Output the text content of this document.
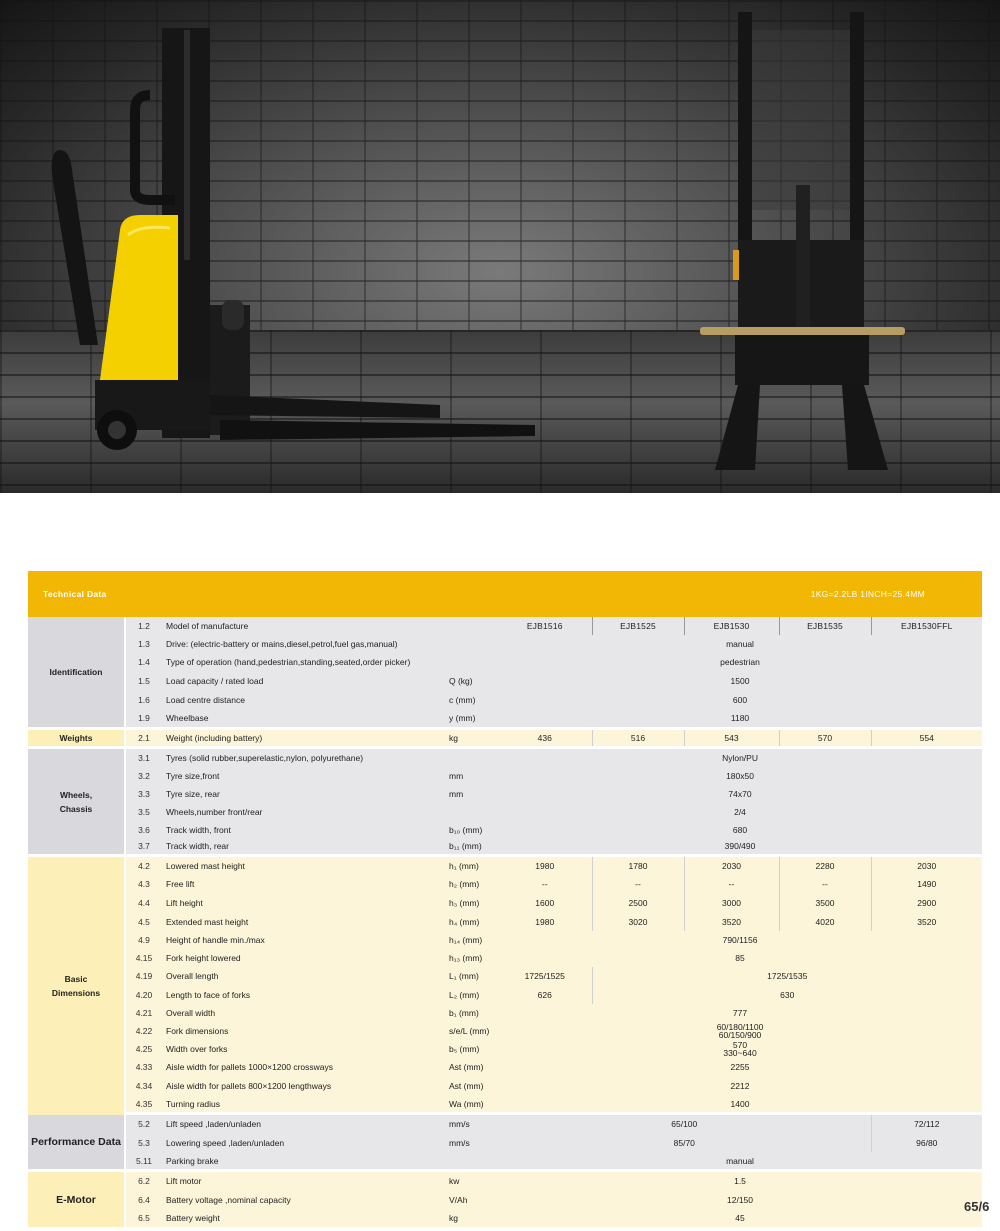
Technical Data				1KG=2.2LB 1INCH=25.4MM				
Identification	1.2	Model of manufacture		EJB1516	EJB1525	EJB1530	EJB1535	EJB1530FFL
	1.3	Drive: (electric-battery or mains,diesel,petrol,fuel gas,manual)		manual				
	1.4	Type of operation (hand,pedestrian,standing,seated,order picker)		pedestrian				
	1.5	Load capacity / rated load	Q (kg)	1500				
	1.6	Load centre distance	c (mm)	600				
	1.9	Wheelbase	y (mm)	1180				

Weights	2.1	Weight (including battery)	kg	436	516	543	570	554

Wheels,
Chassis	3.1	Tyres (solid rubber,superelastic,nylon, polyurethane)		Nylon/PU				
	3.2	Tyre size,front	mm	180x50				
	3.3	Tyre size, rear	mm	74x70				
	3.5	Wheels,number front/rear		2/4				
	3.6	Track width, front	b₁₀ (mm)	680				
	3.7	Track width, rear	b₁₁ (mm)	390/490				

Basic
Dimensions	4.2	Lowered mast height	h₁ (mm)	1980	1780	2030	2280	2030
	4.3	Free lift	h₂ (mm)	--	--	--	--	1490
	4.4	Lift height	h₃ (mm)	1600	2500	3000	3500	2900
	4.5	Extended mast height	h₄ (mm)	1980	3020	3520	4020	3520
	4.9	Height of handle min./max	h₁₄ (mm)	790/1156				
	4.15	Fork height lowered	h₁₃ (mm)	85				
	4.19	Overall length	L₁ (mm)	1725/1525	1725/1535			
	4.20	Length to face of forks	L₂ (mm)	626	630			
	4.21	Overall width	b₁ (mm)	777				
	4.22	Fork dimensions	s/e/L (mm)	60/180/1100
60/150/900				

	4.25	Width over forks	b₅ (mm)	570
330~640				

	4.33	Aisle width for pallets 1000×1200 crossways	Ast (mm)	2255				
	4.34	Aisle width for pallets 800×1200 lengthways	Ast (mm)	2212				
	4.35	Turning radius	Wa (mm)	1400				

Performance Data	5.2	Lift speed ,laden/unladen	mm/s	65/100				72/112
	5.3	Lowering speed ,laden/unladen	mm/s	85/70				96/80
	5.11	Parking brake		manual				

E-Motor	6.2	Lift motor	kw	1.5				
	6.4	Battery voltage ,nominal capacity	V/Ah	12/150				
	6.5	Battery weight	kg	45				
65/6
